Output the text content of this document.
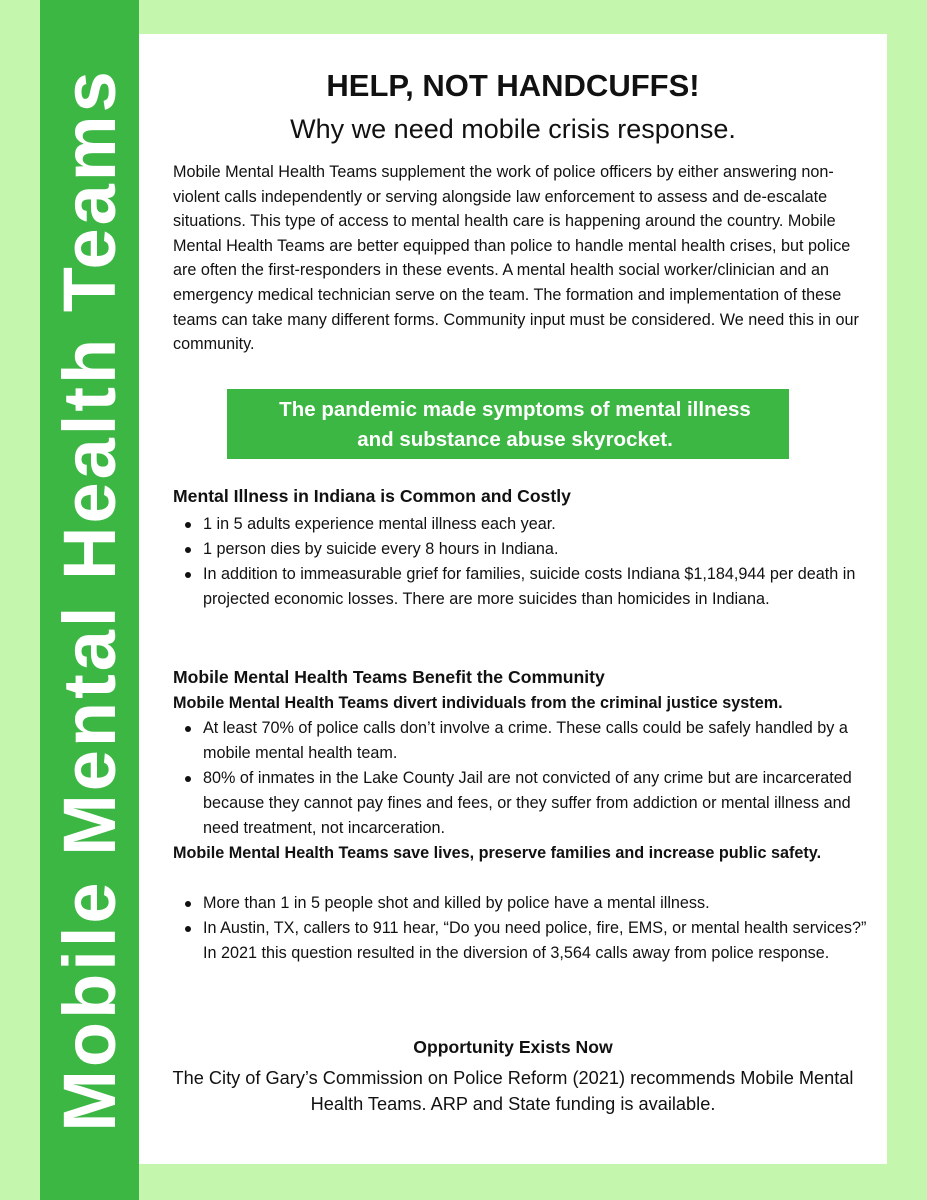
Mobile Mental Health Teams	HELP, NOT HANDCUFFS!

Why we need mobile crisis response.

Mobile Mental Health Teams supplement the work of police officers by either answering non-violent calls independently or serving alongside law enforcement to assess and de-escalate situations. This type of access to mental health care is happening around the country. Mobile Mental Health Teams are better equipped than police to handle mental health crises, but police are often the first-responders in these events. A mental health social worker/clinician and an emergency medical technician serve on the team. The formation and implementation of these teams can take many different forms. Community input must be considered. We need this in our community.

The pandemic made symptoms of mental illness
and substance abuse skyrocket.
Mental Illness in Indiana is Common and Costly
1 in 5 adults experience mental illness each year.
1 person dies by suicide every 8 hours in Indiana.
In addition to immeasurable grief for families, suicide costs Indiana $1,184,944 per death in projected economic losses. There are more suicides than homicides in Indiana.
Mobile Mental Health Teams Benefit the Community

Mobile Mental Health Teams divert individuals from the criminal justice system.

At least 70% of police calls don’t involve a crime. These calls could be safely handled by a mobile mental health team.
80% of inmates in the Lake County Jail are not convicted of any crime but are incarcerated because they cannot pay fines and fees, or they suffer from addiction or mental illness and need treatment, not incarceration.

Mobile Mental Health Teams save lives, preserve families and increase public safety.

More than 1 in 5 people shot and killed by police have a mental illness.
In Austin, TX, callers to 911 hear, “Do you need police, fire, EMS, or mental health services?” In 2021 this question resulted in the diversion of 3,564 calls away from police response.
Opportunity Exists Now

The City of Gary’s Commission on Police Reform (2021) recommends Mobile Mental Health Teams. ARP and State funding is available.
